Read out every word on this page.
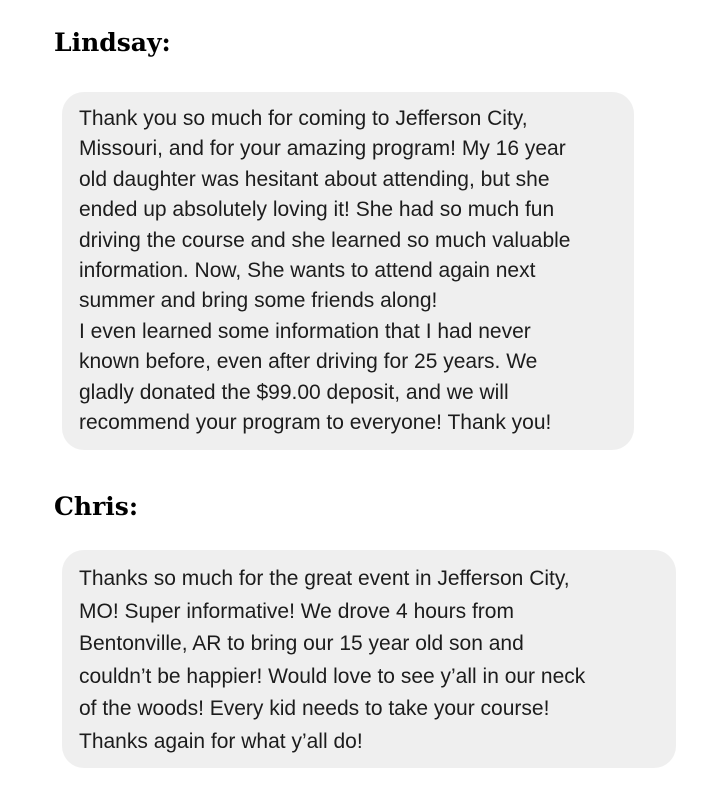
Lindsay:

Thank you so much for coming to Jefferson City,
Missouri, and for your amazing program! My 16 year
old daughter was hesitant about attending, but she
ended up absolutely loving it! She had so much fun
driving the course and she learned so much valuable
information. Now, She wants to attend again next
summer and bring some friends along!

I even learned some information that I had never
known before, even after driving for 25 years. We
gladly donated the $99.00 deposit, and we will
recommend your program to everyone! Thank you!

Chris:

Thanks so much for the great event in Jefferson City,
MO! Super informative! We drove 4 hours from
Bentonville, AR to bring our 15 year old son and
couldn’t be happier! Would love to see y’all in our neck
of the woods! Every kid needs to take your course!
Thanks again for what y’all do!
